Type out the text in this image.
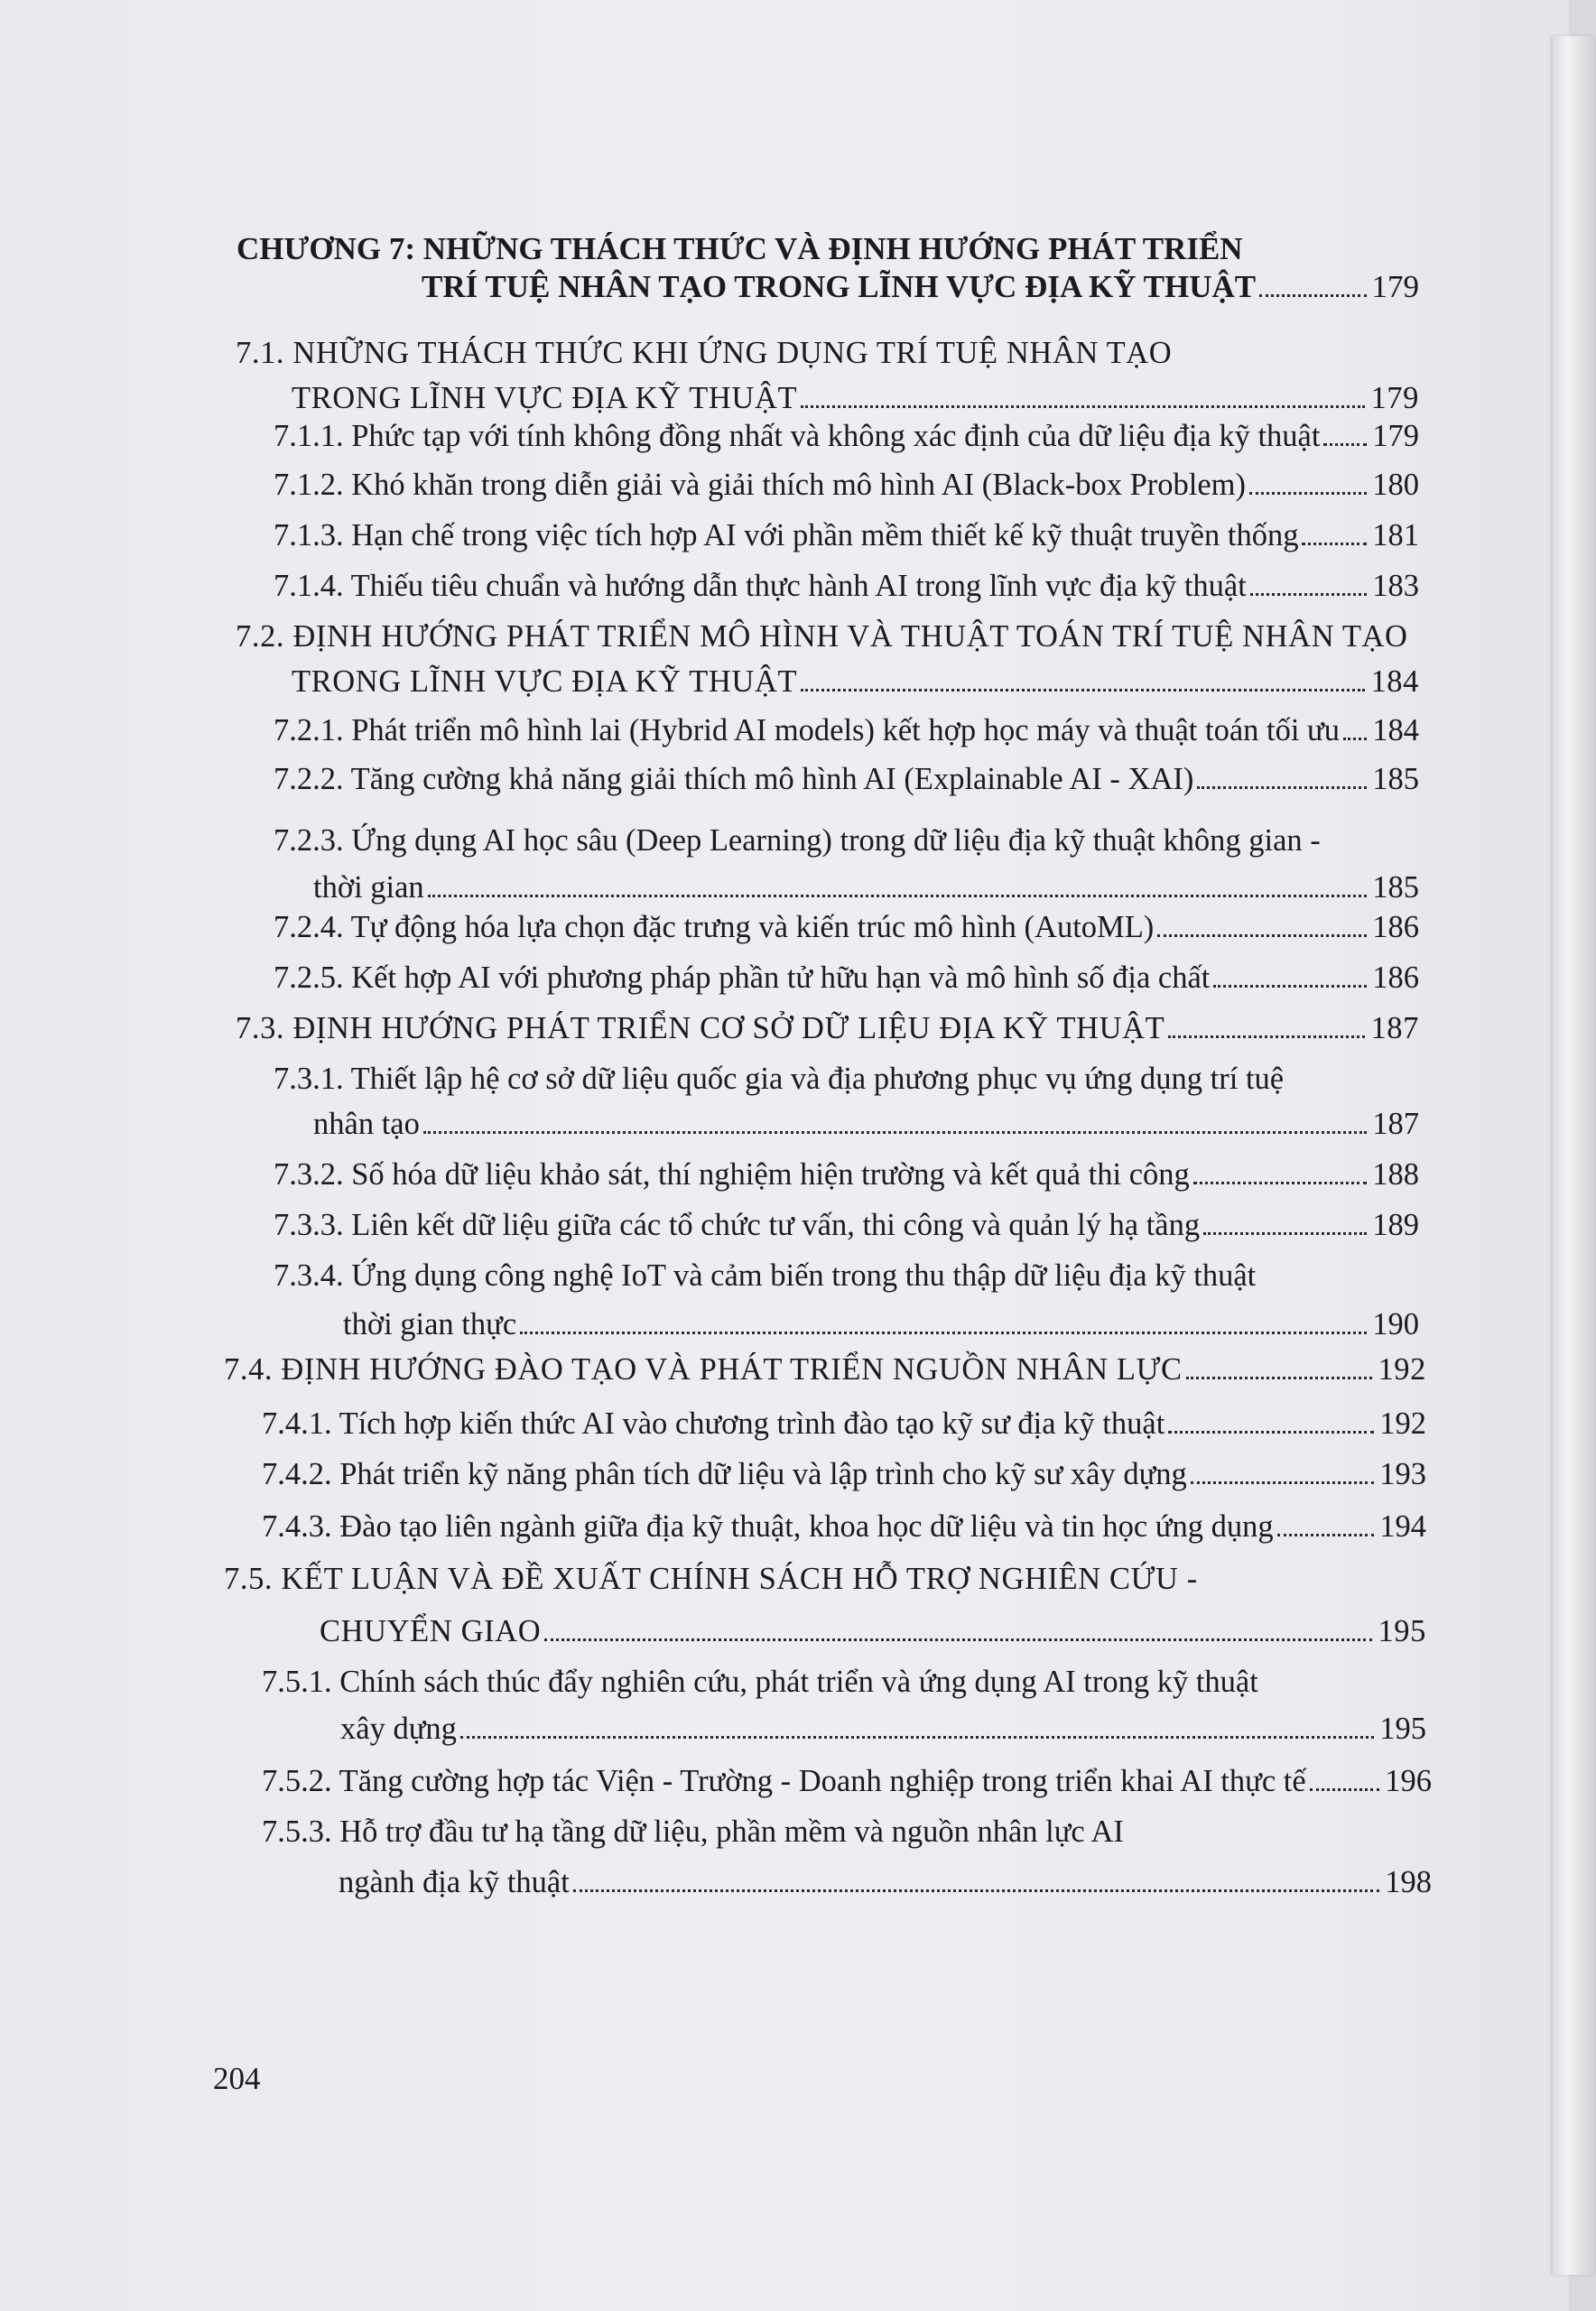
CHƯƠNG 7: NHỮNG THÁCH THỨC VÀ ĐỊNH HƯỚNG PHÁT TRIỂN
TRÍ TUỆ NHÂN TẠO TRONG LĨNH VỰC ĐỊA KỸ THUẬT	179
7.1. NHỮNG THÁCH THỨC KHI ỨNG DỤNG TRÍ TUỆ NHÂN TẠO
TRONG LĨNH VỰC ĐỊA KỸ THUẬT	179
7.1.1. Phức tạp với tính không đồng nhất và không xác định của dữ liệu địa kỹ thuật 179
7.1.2. Khó khăn trong diễn giải và giải thích mô hình AI (Black-box Problem)	180
7.1.3. Hạn chế trong việc tích hợp AI với phần mềm thiết kế kỹ thuật truyền thống 181
7.1.4. Thiếu tiêu chuẩn và hướng dẫn thực hành AI trong lĩnh vực địa kỹ thuật	183
7.2. ĐỊNH HƯỚNG PHÁT TRIỂN MÔ HÌNH VÀ THUẬT TOÁN TRÍ TUỆ NHÂN TẠO
TRONG LĨNH VỰC ĐỊA KỸ THUẬT	184
7.2.1. Phát triển mô hình lai (Hybrid AI models) kết hợp học máy và thuật toán tối ưu 184
7.2.2. Tăng cường khả năng giải thích mô hình AI (Explainable AI - XAI)	185
7.2.3. Ứng dụng AI học sâu (Deep Learning) trong dữ liệu địa kỹ thuật không gian -
thời gian	185
7.2.4. Tự động hóa lựa chọn đặc trưng và kiến trúc mô hình (AutoML)	186
7.2.5. Kết hợp AI với phương pháp phần tử hữu hạn và mô hình số địa chất	186
7.3. ĐỊNH HƯỚNG PHÁT TRIỂN CƠ SỞ DỮ LIỆU ĐỊA KỸ THUẬT	187
7.3.1. Thiết lập hệ cơ sở dữ liệu quốc gia và địa phương phục vụ ứng dụng trí tuệ
nhân tạo	187
7.3.2. Số hóa dữ liệu khảo sát, thí nghiệm hiện trường và kết quả thi công	188
7.3.3. Liên kết dữ liệu giữa các tổ chức tư vấn, thi công và quản lý hạ tầng	189
7.3.4. Ứng dụng công nghệ IoT và cảm biến trong thu thập dữ liệu địa kỹ thuật
thời gian thực	190
7.4. ĐỊNH HƯỚNG ĐÀO TẠO VÀ PHÁT TRIỂN NGUỒN NHÂN LỰC	192
7.4.1. Tích hợp kiến thức AI vào chương trình đào tạo kỹ sư địa kỹ thuật	192
7.4.2. Phát triển kỹ năng phân tích dữ liệu và lập trình cho kỹ sư xây dựng	193
7.4.3. Đào tạo liên ngành giữa địa kỹ thuật, khoa học dữ liệu và tin học ứng dụng	194
7.5. KẾT LUẬN VÀ ĐỀ XUẤT CHÍNH SÁCH HỖ TRỢ NGHIÊN CỨU -
CHUYỂN GIAO	195
7.5.1. Chính sách thúc đẩy nghiên cứu, phát triển và ứng dụng AI trong kỹ thuật
xây dựng	195
7.5.2. Tăng cường hợp tác Viện - Trường - Doanh nghiệp trong triển khai AI thực tế	196
7.5.3. Hỗ trợ đầu tư hạ tầng dữ liệu, phần mềm và nguồn nhân lực AI
ngành địa kỹ thuật	198
204
